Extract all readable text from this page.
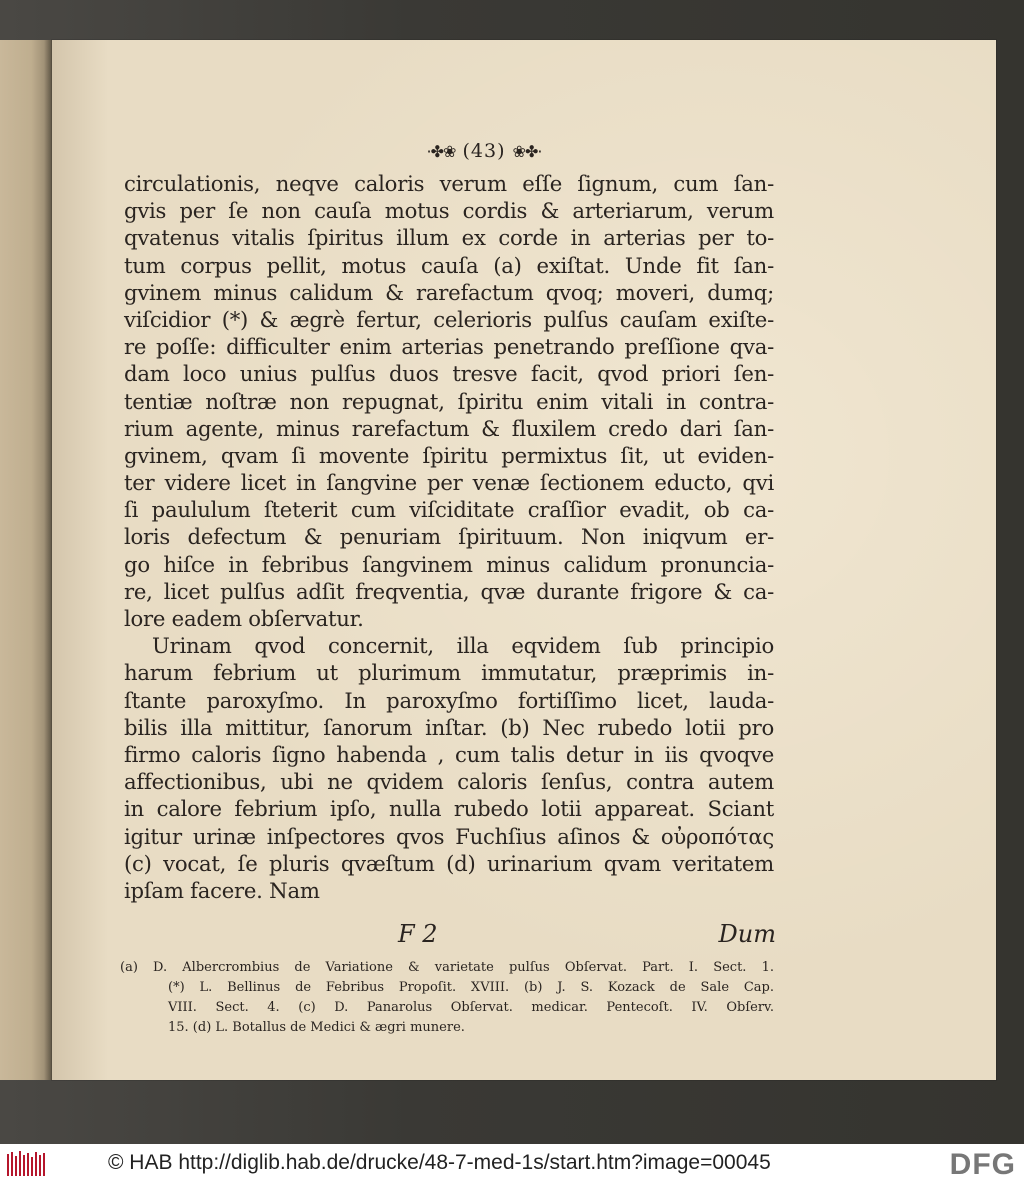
·✤❀ (43) ❀✤·
circulationis, neqve caloris verum eſſe ſignum, cum ſan-
gvis per ſe non cauſa motus cordis & arteriarum, verum
qvatenus vitalis ſpiritus illum ex corde in arterias per to-
tum corpus pellit, motus cauſa (a) exiſtat. Unde fit ſan-
gvinem minus calidum & rarefactum qvoq; moveri, dumq;
viſcidior (*) & ægrè fertur, celerioris pulſus cauſam exiſte-
re poſſe: difficulter enim arterias penetrando preſſione qva-
dam loco unius pulſus duos tresve facit, qvod priori ſen-
tentiæ noſtræ non repugnat, ſpiritu enim vitali in contra-
rium agente, minus rarefactum & fluxilem credo dari ſan-
gvinem, qvam ſi movente ſpiritu permixtus ſit, ut eviden-
ter videre licet in ſangvine per venæ ſectionem educto, qvi
ſi paululum ſteterit cum viſciditate craſſior evadit, ob ca-
loris defectum & penuriam ſpirituum. Non iniqvum er-
go hiſce in febribus ſangvinem minus calidum pronuncia-
re, licet pulſus adſit freqventia, qvæ durante frigore & ca-
lore eadem obſervatur.
Urinam qvod concernit, illa eqvidem ſub principio
harum febrium ut plurimum immutatur, præprimis in-
ſtante paroxyſmo. In paroxyſmo fortiſſimo licet, lauda-
bilis illa mittitur, ſanorum inſtar. (b) Nec rubedo lotii pro
firmo caloris ſigno habenda , cum talis detur in iis qvoqve
affectionibus, ubi ne qvidem caloris ſenſus, contra autem
in calore febrium ipſo, nulla rubedo lotii appareat. Sciant
igitur urinæ inſpectores qvos Fuchſius aſinos & οὐροπότας
(c) vocat, ſe pluris qvæſtum (d) urinarium qvam veritatem
ipſam facere. Nam
F 2	Dum
(a) D. Albercrombius de Variatione & varietate pulſus Obſervat. Part. I. Sect. 1.
(*) L. Bellinus de Febribus Propoſit. XVIII. (b) J. S. Kozack de Sale Cap.
VIII. Sect. 4. (c) D. Panarolus Obſervat. medicar. Pentecoſt. IV. Obſerv.
15. (d) L. Botallus de Medici & ægri munere.
© HAB http://diglib.hab.de/drucke/48-7-med-1s/start.htm?image=00045	DFG
